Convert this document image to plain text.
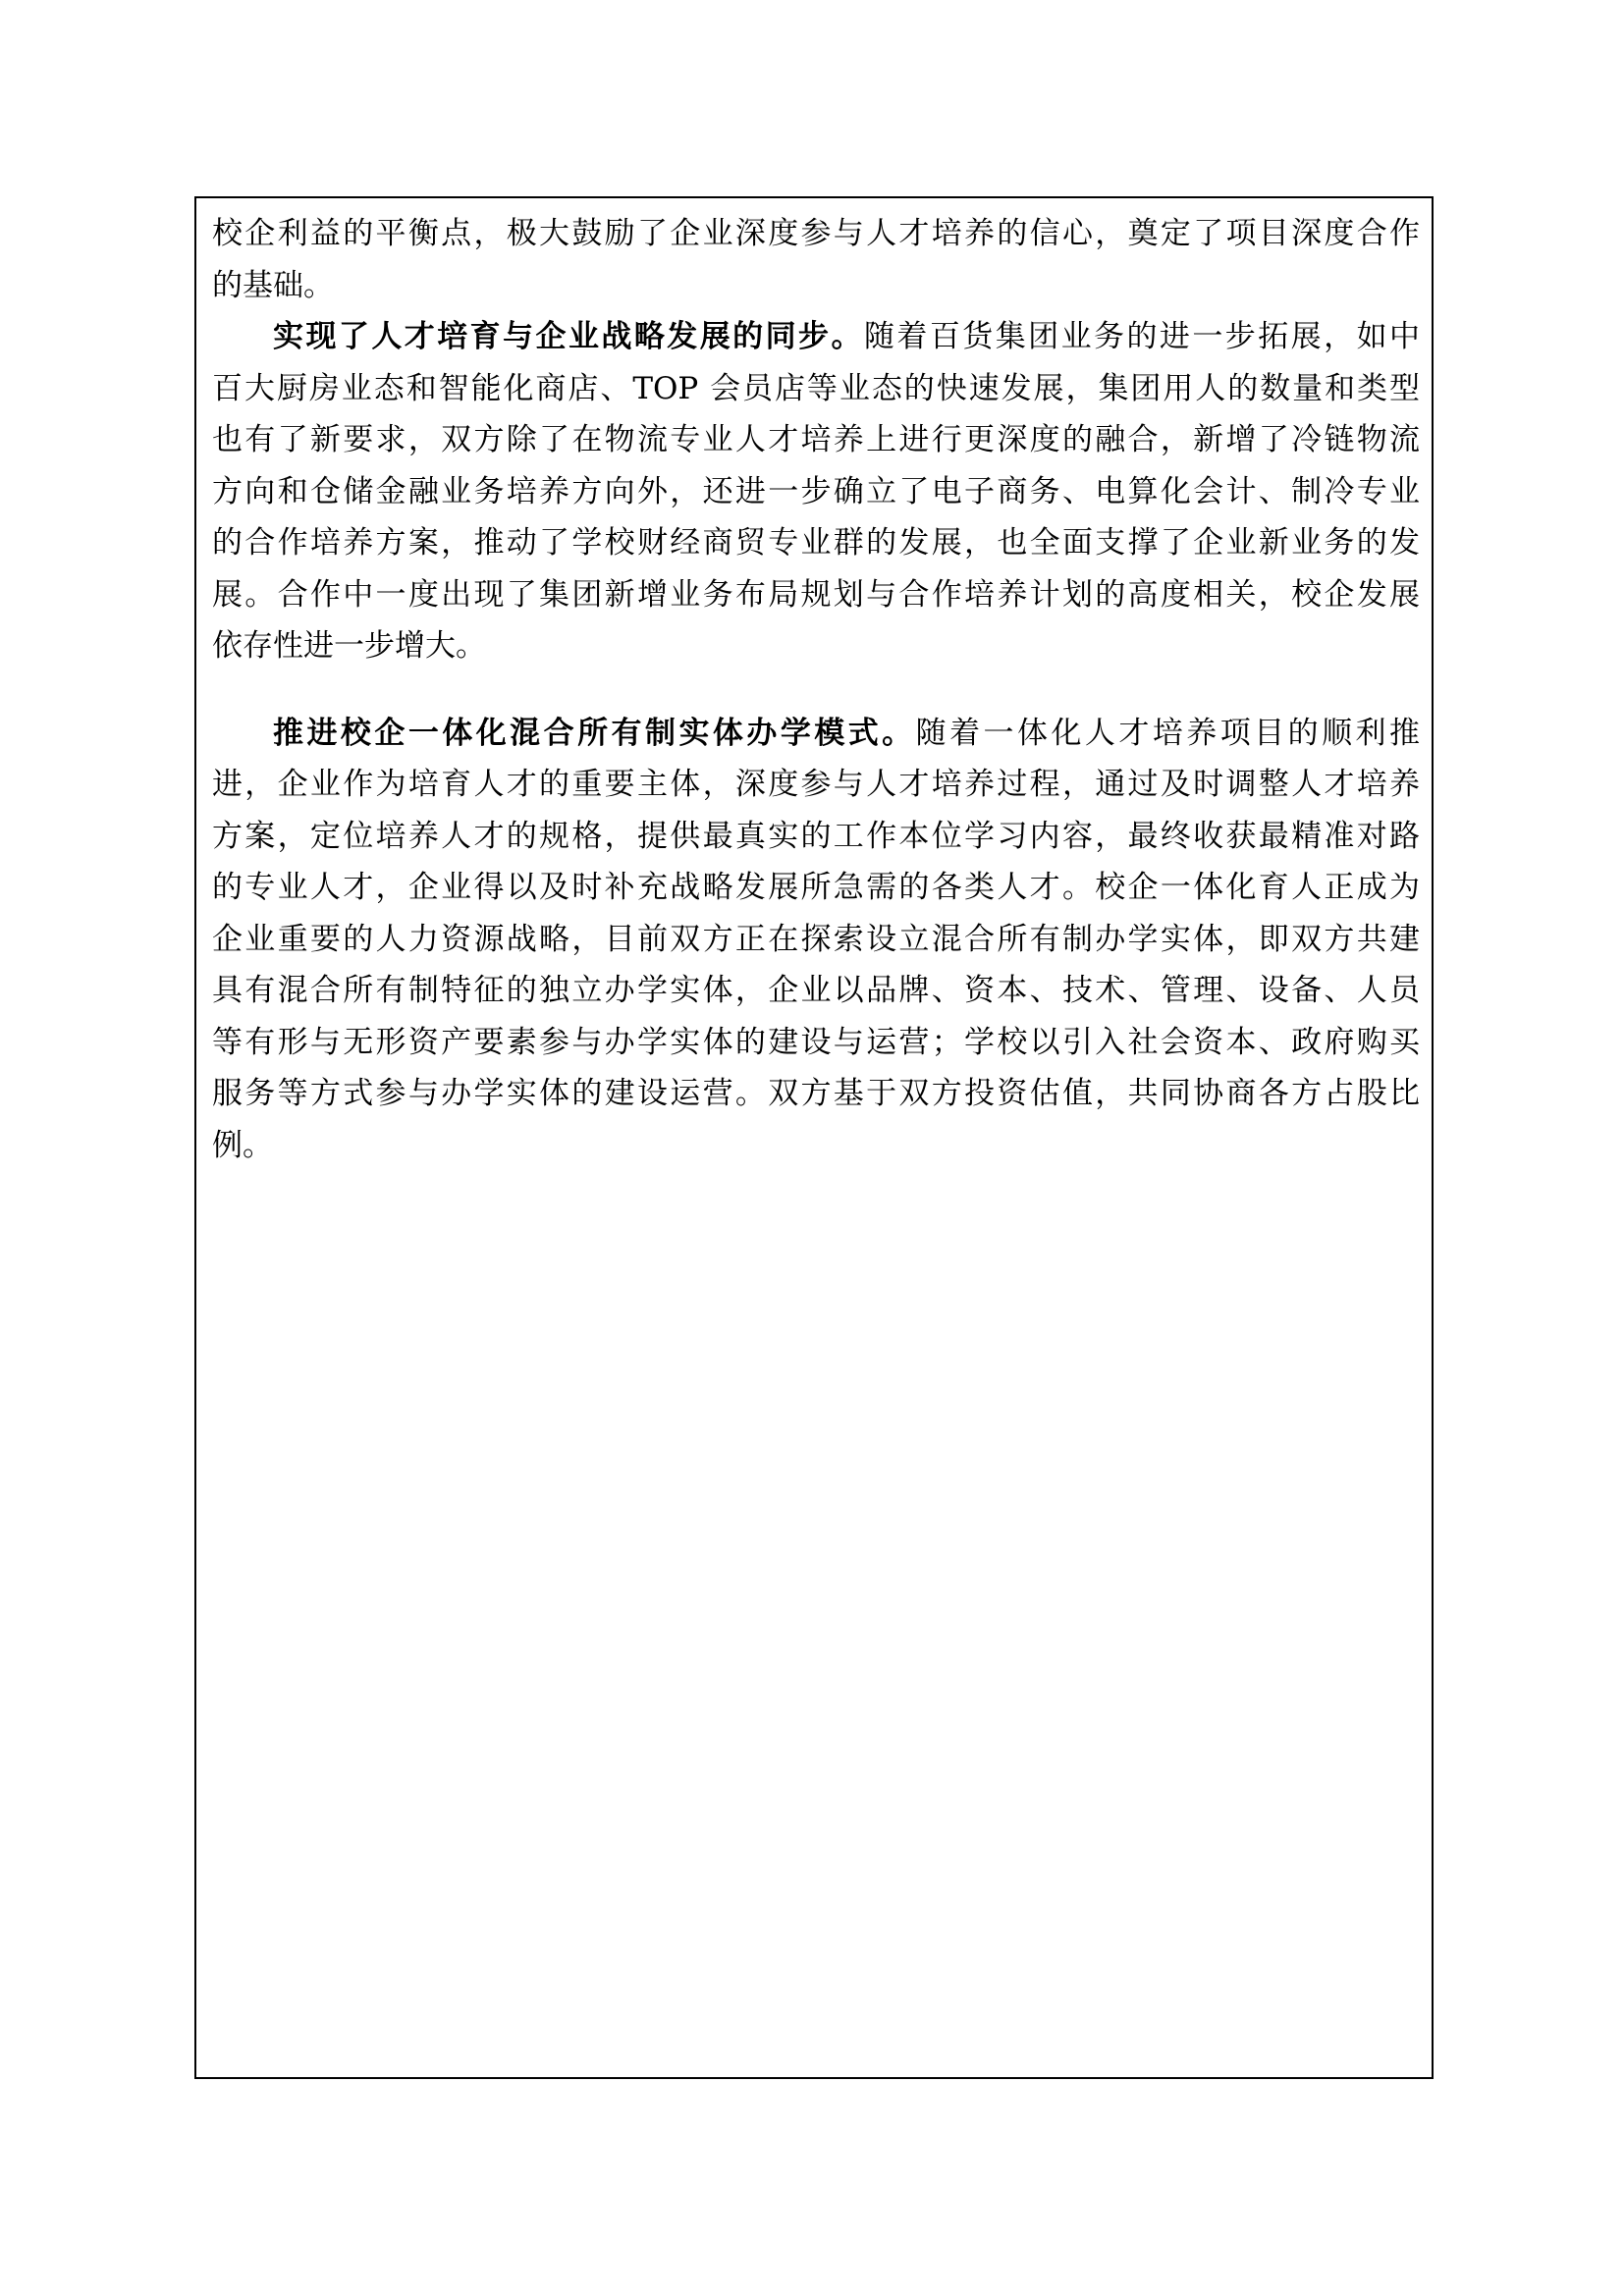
校企利益的平衡点，极大鼓励了企业深度参与人才培养的信心，奠定了项目深度合作
的基础。
实现了人才培育与企业战略发展的同步。随着百货集团业务的进一步拓展，如中
百大厨房业态和智能化商店、TOP 会员店等业态的快速发展，集团用人的数量和类型
也有了新要求，双方除了在物流专业人才培养上进行更深度的融合，新增了冷链物流
方向和仓储金融业务培养方向外，还进一步确立了电子商务、电算化会计、制冷专业
的合作培养方案，推动了学校财经商贸专业群的发展，也全面支撑了企业新业务的发
展。合作中一度出现了集团新增业务布局规划与合作培养计划的高度相关，校企发展
依存性进一步增大。
推进校企一体化混合所有制实体办学模式。随着一体化人才培养项目的顺利推
进，企业作为培育人才的重要主体，深度参与人才培养过程，通过及时调整人才培养
方案，定位培养人才的规格，提供最真实的工作本位学习内容，最终收获最精准对路
的专业人才，企业得以及时补充战略发展所急需的各类人才。校企一体化育人正成为
企业重要的人力资源战略，目前双方正在探索设立混合所有制办学实体，即双方共建
具有混合所有制特征的独立办学实体，企业以品牌、资本、技术、管理、设备、人员
等有形与无形资产要素参与办学实体的建设与运营；学校以引入社会资本、政府购买
服务等方式参与办学实体的建设运营。双方基于双方投资估值，共同协商各方占股比
例。
